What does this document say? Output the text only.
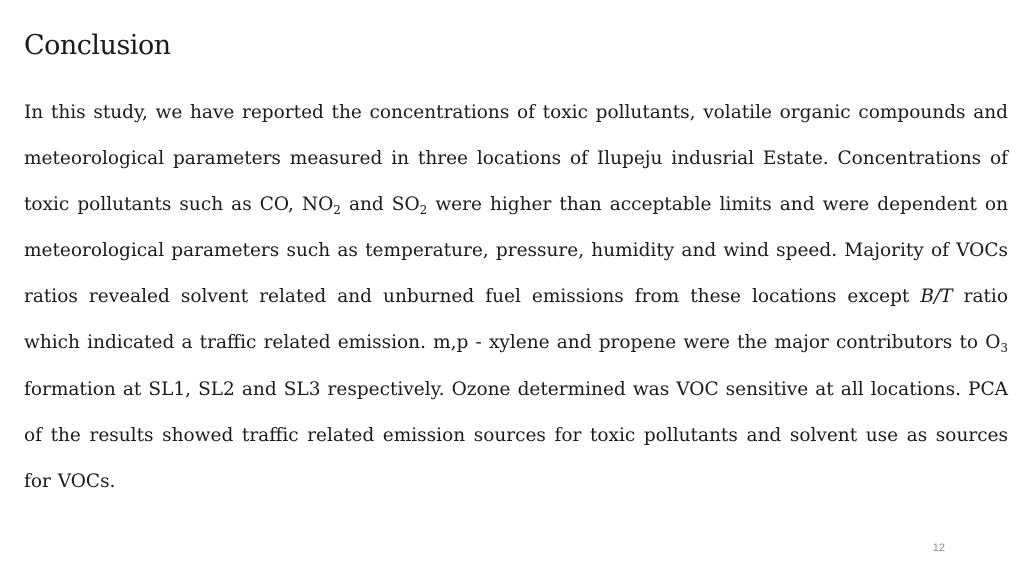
Conclusion
In this study, we have reported the concentrations of toxic pollutants, volatile organic compounds and meteorological parameters measured in three locations of Ilupeju indusrial Estate. Concentrations of toxic pollutants such as CO, $NO_2$ and $SO_2$ were higher than acceptable limits and were dependent on meteorological parameters such as temperature, pressure, humidity and wind speed. Majority of VOCs ratios revealed solvent related and unburned fuel emissions from these locations except B/T ratio which indicated a traffic related emission. m,p - xylene and propene were the major contributors to $O_3$ formation at SL1, SL2 and SL3 respectively. Ozone determined was VOC sensitive at all locations. PCA of the results showed traffic related emission sources for toxic pollutants and solvent use as sources for VOCs.
12
